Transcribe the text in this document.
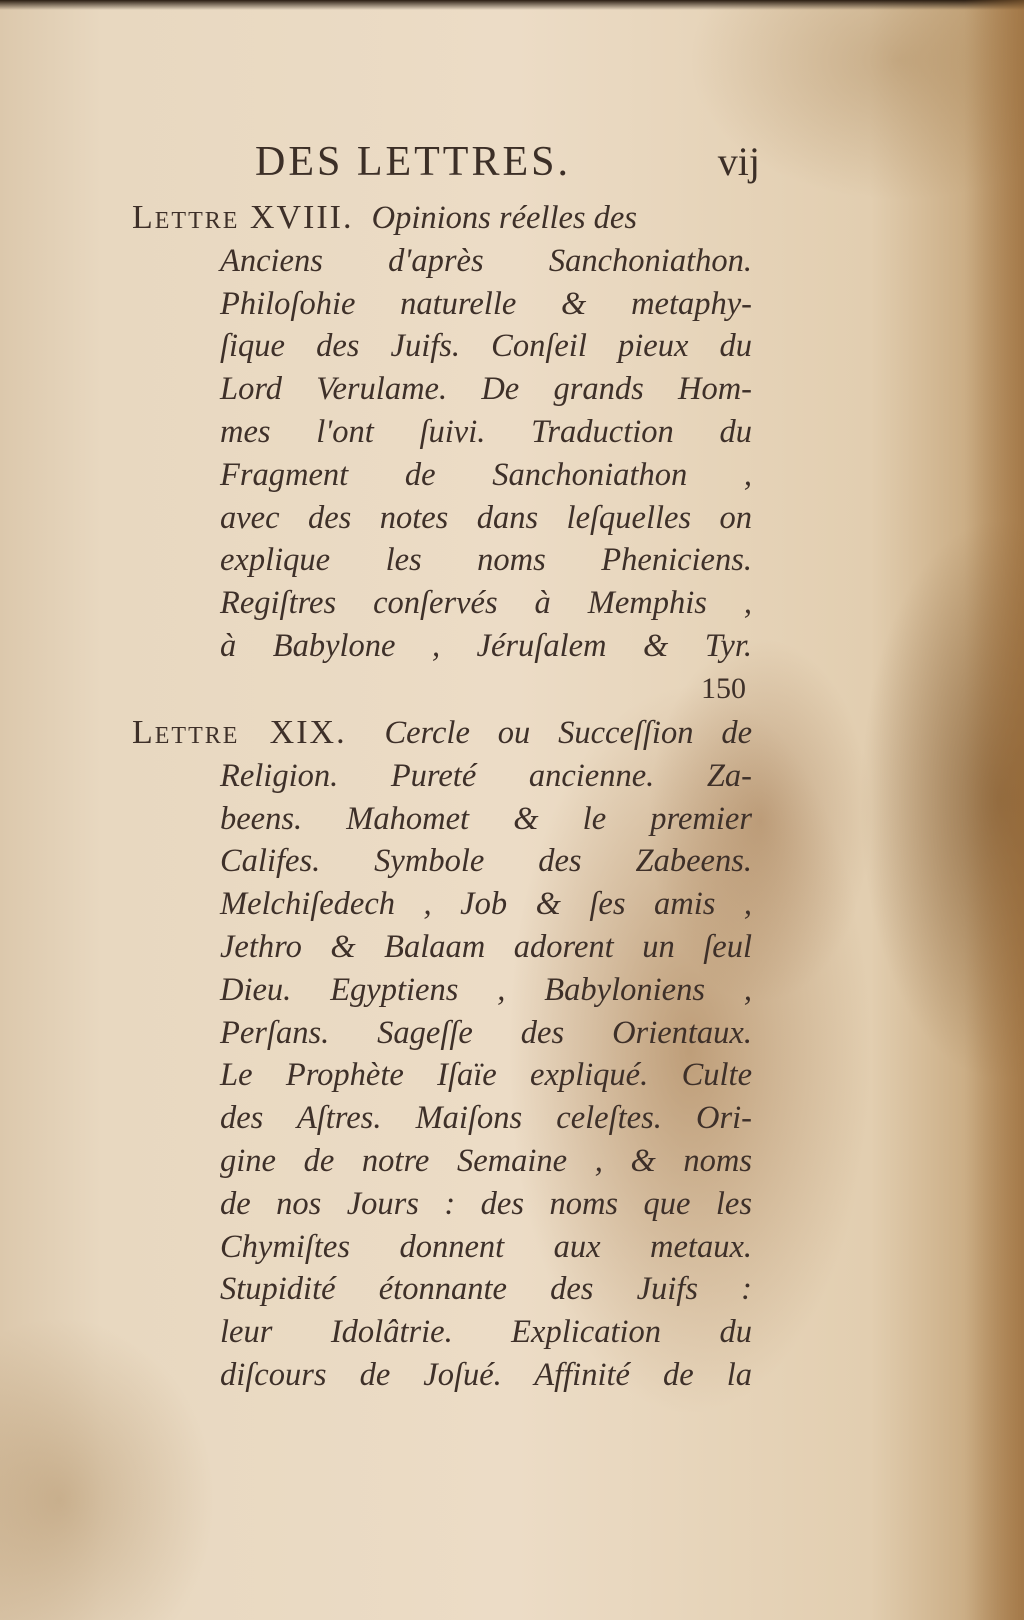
DES LETTRES.	vij
Lettre XVIII. Opinions réelles des
Anciens d'après Sanchoniathon.
Philoſohie naturelle & metaphy-
ſique des Juifs. Conſeil pieux du
Lord Verulame. De grands Hom-
mes l'ont ſuivi. Traduction du
Fragment de Sanchoniathon ,
avec des notes dans leſquelles on
explique les noms Pheniciens.
Regiſtres conſervés à Memphis ,
à Babylone , Jéruſalem & Tyr.
150
Lettre XIX. Cercle ou Succeſſion de
Religion. Pureté ancienne. Za-
beens. Mahomet & le premier
Califes. Symbole des Zabeens.
Melchiſedech , Job & ſes amis ,
Jethro & Balaam adorent un ſeul
Dieu. Egyptiens , Babyloniens ,
Perſans. Sageſſe des Orientaux.
Le Prophète Iſaïe expliqué. Culte
des Aſtres. Maiſons celeſtes. Ori-
gine de notre Semaine , & noms
de nos Jours : des noms que les
Chymiſtes donnent aux metaux.
Stupidité étonnante des Juifs :
leur Idolâtrie. Explication du
diſcours de Joſué. Affinité de la
